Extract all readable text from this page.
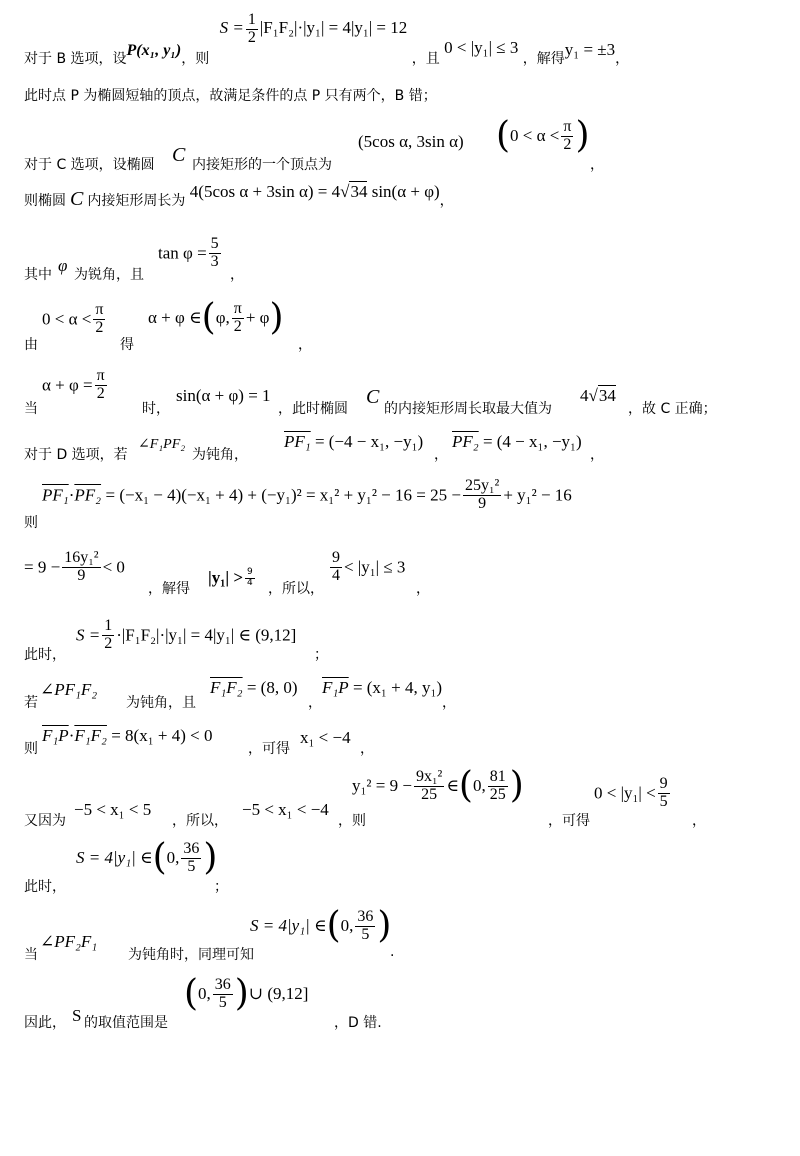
对于 B 选项，设P(x₁, y₁)，则 $S = \frac{1}{2} |F_1F_2|\cdot|y_1| = 4|y_1| = 12$ ，且 0 < |y₁| ≤ 3 ，解得y₁ = ±3，
此时点 P 为椭圆短轴的顶点，故满足条件的点 P 只有两个，B 错；
对于 C 选项，设椭圆 C 内接矩形的一个顶点为
(5cos α, 3sin α) ($0 < \alpha < \frac{\pi}{2}$ )
，
则椭圆 C 内接矩形周长为 4(5cos α + 3sin α) = 4√34 sin(α + φ)，
其中 φ 为锐角，且
$\tan \varphi = \frac{5}{3}$
，
由
$0 < \alpha < \frac{\pi}{2}$
得
α + φ ∈(φ, $\frac{\pi}{2} + \varphi$)
，
当
$\alpha + \varphi = \frac{\pi}{2}$
时，
sin(α + φ) = 1
，此时椭圆
C
的内接矩形周长取最大值为
4√34
，故 C 正确；
对于 D 选项，若
∠F₁PF₂
为钝角，
PF₁ = (−4 − x₁, −y₁)
，
PF₂ = (4 − x₁, −y₁)
，
则
$PF_1\cdot PF_2 = (-x_1 - 4)(-x_1 + 4) + (-y_1)^2 = x_1^2 + y_1^2 - 16 = 25 - \frac{\text{25y₁²}}{9} + y_1^2 - 16$
= $9 - \frac{\text{16y₁²}}{9} < 0$
，解得
$|y_1| > \frac{9}{4}$
，所以，
$\frac{9}{4} < |y_1| \le 3$
，
此时，
$S = \frac{1}{2} \cdot|F_1F_2|\cdot|y_1| = 4|y_1|$ ∈ (9,12]
；
若
∠PF₁F₂
为钝角，且
F₁F₂ = (8, 0)
，
F₁P = (x₁ + 4, y₁)
，
则
F₁P·F₁F₂ = 8(x₁ + 4) < 0
，可得
x₁ < −4
，
又因为
−5 < x₁ < 5
，所以，
−5 < x₁ < −4
，则
$y_1^2 = 9 - \frac{\text{9x₁²}}{25}$ ∈(0, $\frac{81}{25}$ )
，可得
$0 < |y_1| < \frac{9}{5}$
，
此时，
S = 4|y₁| ∈(0, $\frac{36}{5}$ )
；
当
∠PF₂F₁
为钝角时，同理可知
S = 4|y₁| ∈(0, $\frac{36}{5}$ )
.
因此， S 的取值范围是
(0, $\frac{36}{5}$ )∪ (9,12]
，D 错.
